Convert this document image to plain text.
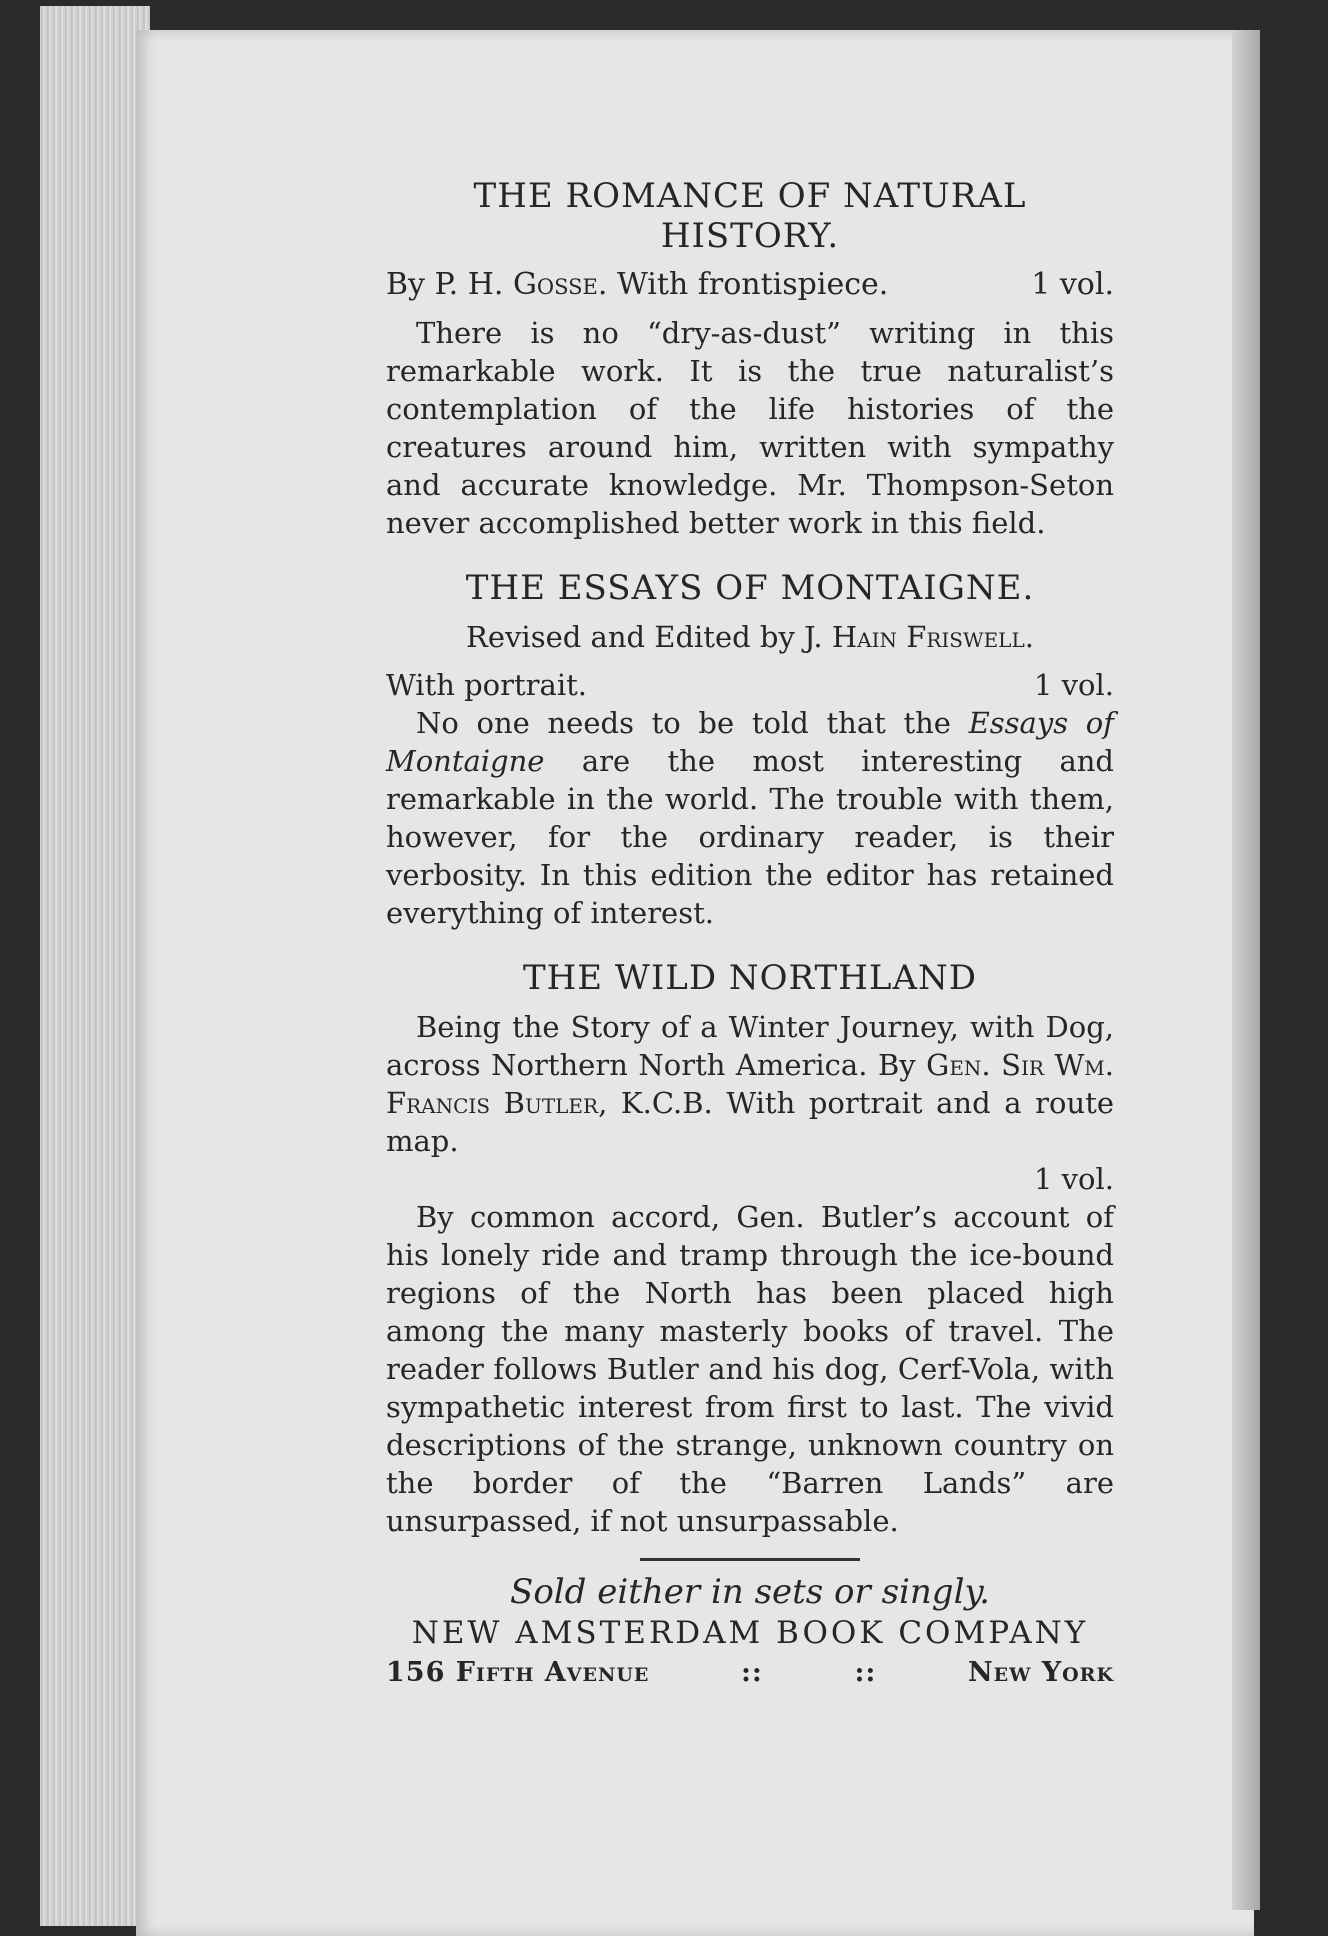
THE ROMANCE OF NATURAL HISTORY.

By P. H. Gosse. With frontispiece.	1 vol.

There is no “dry-as-dust” writing in this remarkable work. It is the true naturalist’s contemplation of the life histories of the creatures around him, written with sympathy and accurate knowledge. Mr. Thompson-Seton never accomplished better work in this field.

THE ESSAYS OF MONTAIGNE.

Revised and Edited by J. Hain Friswell.

With portrait.	1 vol.

No one needs to be told that the Essays of Montaigne are the most interesting and remarkable in the world. The trouble with them, however, for the ordinary reader, is their verbosity. In this edition the editor has retained everything of interest.

THE WILD NORTHLAND

Being the Story of a Winter Journey, with Dog, across Northern North America. By Gen. Sir Wm. Francis Butler, K.C.B. With portrait and a route map.

1 vol.

By common accord, Gen. Butler’s account of his lonely ride and tramp through the ice-bound regions of the North has been placed high among the many masterly books of travel. The reader follows Butler and his dog, Cerf-Vola, with sympathetic interest from first to last. The vivid descriptions of the strange, unknown country on the border of the “Barren Lands” are unsurpassed, if not unsurpassable.

Sold either in sets or singly.

NEW AMSTERDAM BOOK COMPANY

156 Fifth Avenue	::	::	New York
